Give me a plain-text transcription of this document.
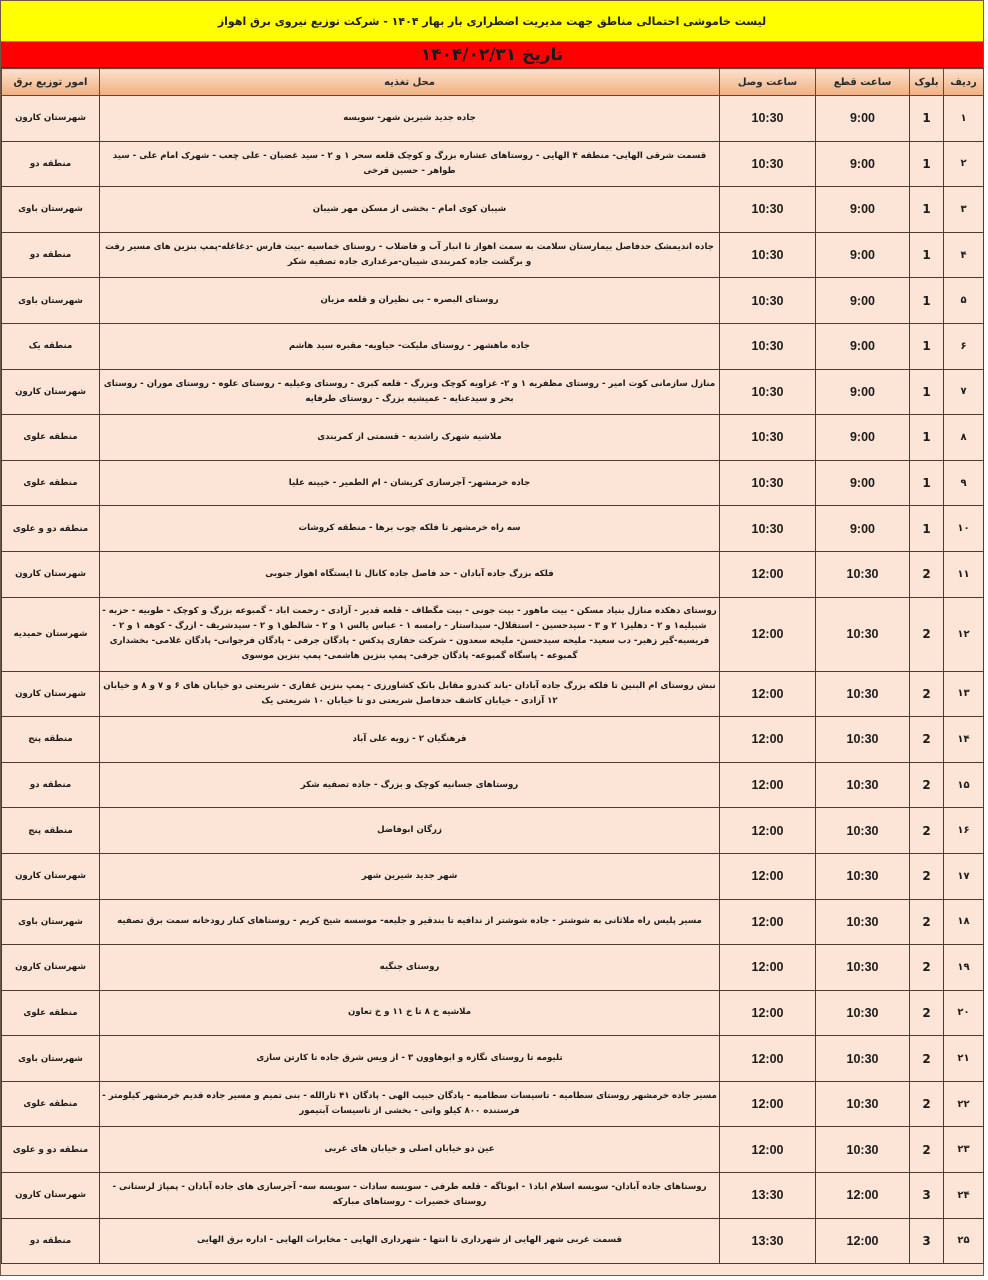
لیست خاموشی احتمالی مناطق جهت مدیریت اضطراری بار بهار ۱۴۰۴ - شرکت توزیع نیروی برق اهواز
تاریخ ۱۴۰۴/۰۲/۳۱
ردیف	بلوک	ساعت قطع	ساعت وصل	محل تغذیه	امور توزیع برق
۱	1	9:00	10:30	جاده جدید شیرین شهر- سویسه	شهرستان کارون
۲	1	9:00	10:30	قسمت شرقی الهایی- منطقه ۴ الهایی - روستاهای عشاره بزرگ و کوچک قلعه سحر ۱ و ۲ - سید غضبان - علی چعب - شهرک امام علی - سید طواهر - حسین فرخی	منطقه دو
۳	1	9:00	10:30	شیبان کوی امام - بخشی از مسکن مهر شیبان	شهرستان باوی
۴	1	9:00	10:30	جاده اندیمشک حدفاصل بیمارستان سلامت به سمت اهواز تا انبار آب و فاضلاب - روستای خماسیه -بیت فارس -دغاغله-پمپ بنزین های مسیر رفت و برگشت جاده کمربندی شیبان-مرغداری جاده تصفیه شکر	منطقه دو
۵	1	9:00	10:30	روستای البصره - بی نظیران و قلعه مزبان	شهرستان باوی
۶	1	9:00	10:30	جاده ماهشهر - روستای ملیکت- حیاویه- مقبره سید هاشم	منطقه یک
۷	1	9:00	10:30	منازل سازمانی کوت امیر - روستای مظفریه ۱ و ۲- غزاویه کوچک وبزرگ - قلعه کبری - روستای وعیلیه - روستای علوه - روستای موران - روستای بحر و سیدعنایه - عمیشیه بزرگ - روستای طرفایه	شهرستان کارون
۸	1	9:00	10:30	ملاشیه شهرک راشدیه - قسمتی از کمربندی	منطقه علوی
۹	1	9:00	10:30	جاده خرمشهر- آجرسازی کریشان - ام الطمیر - خیینه علیا	منطقه علوی
۱۰	1	9:00	10:30	سه راه خرمشهر تا فلکه چوب برها - منطقه کروشات	منطقه دو و علوی
۱۱	2	10:30	12:00	فلکه بزرگ جاده آبادان - حد فاصل جاده کانال تا ایستگاه اهواز جنوبی	شهرستان کارون
۱۲	2	10:30	12:00	روستای دهکده منازل بنیاد مسکن - بیت ماهور - بیت جونی - بیت مگطاف - قلعه قدیر - آزادی - رحمت اباد - گمبوعه بزرگ و کوچک - طوبیه - حزبه - شبیلیه۱ و ۲ - دهلیز۱ ۲ و ۳ - سیدحسین - استقلال- سیداستار - رامسه ۱ - عباس یالس ۱ و ۲ - شالطق۱ و ۲ - سیدشریف - ازرگ - کوهه ۱ و ۲ - فریسیه-گیر زهیر- دب سعید- ملیحه سیدحسن- ملیحه سعدون - شرکت حفاری پدکس - پادگان جرفی - پادگان فرجوانی- پادگان غلامی- بخشداری گمبوعه - پاسگاه گمبوعه- پادگان جرفی- پمپ بنزین هاشمی- پمپ بنزین موسوی	شهرستان حمیدیه
۱۳	2	10:30	12:00	نبش روستای ام البنین تا فلکه بزرگ جاده آبادان -باند کندرو مقابل بانک کشاورزی - پمپ بنزین غفاری - شریعتی دو خیابان های ۶ و ۷ و ۸ و خیابان ۱۲ آزادی - خیابان کاشف حدفاصل شریعتی دو تا خیابان ۱۰ شریعتی یک	شهرستان کارون
۱۴	2	10:30	12:00	فرهنگیان ۲ - زویه علی آباد	منطقه پنج
۱۵	2	10:30	12:00	روستاهای جسانیه کوچک و بزرگ - جاده تصفیه شکر	منطقه دو
۱۶	2	10:30	12:00	زرگان ابوفاضل	منطقه پنج
۱۷	2	10:30	12:00	شهر جدید شیرین شهر	شهرستان کارون
۱۸	2	10:30	12:00	مسیر پلیس راه ملاثانی به شوشتر - جاده شوشتر از ندافیه تا بندقیر و جلیعه- موسسه شیخ کریم - روستاهای کنار رودخانه سمت برق تصفیه	شهرستان باوی
۱۹	2	10:30	12:00	روستای جنگیه	شهرستان کارون
۲۰	2	10:30	12:00	ملاشیه خ ۸ تا خ ۱۱ و خ تعاون	منطقه علوی
۲۱	2	10:30	12:00	تلیومه تا روستای نگازه و ابوهاوون ۳ - از ویس شرق جاده تا کارتن سازی	شهرستان باوی
۲۲	2	10:30	12:00	مسیر جاده خرمشهر روستای سطامیه - تاسیسات سطامیه - پادگان حبیب الهی - پادگان ۴۱ ثارالله - بنی تمیم و مسیر جاده قدیم خرمشهر کیلومتر - فرستنده ۸۰۰ کیلو واتی - بخشی از تاسیسات آبتیمور	منطقه علوی
۲۳	2	10:30	12:00	عین دو خیابان اصلی و خیابان های غربی	منطقه دو و علوی
۲۴	3	12:00	13:30	روستاهای جاده آبادان- سویسه اسلام اباد۱ - ابوناگه - قلعه طرفی - سویسه سادات - سویسه سه- آجرسازی های جاده آبادان - پمپاژ لرستانی - روستای خضیرات - روستاهای مبارکه	شهرستان کارون
۲۵	3	12:00	13:30	قسمت غربی شهر الهایی از شهرداری تا انتها - شهرداری الهایی - مخابرات الهایی - اداره برق الهایی	منطقه دو
